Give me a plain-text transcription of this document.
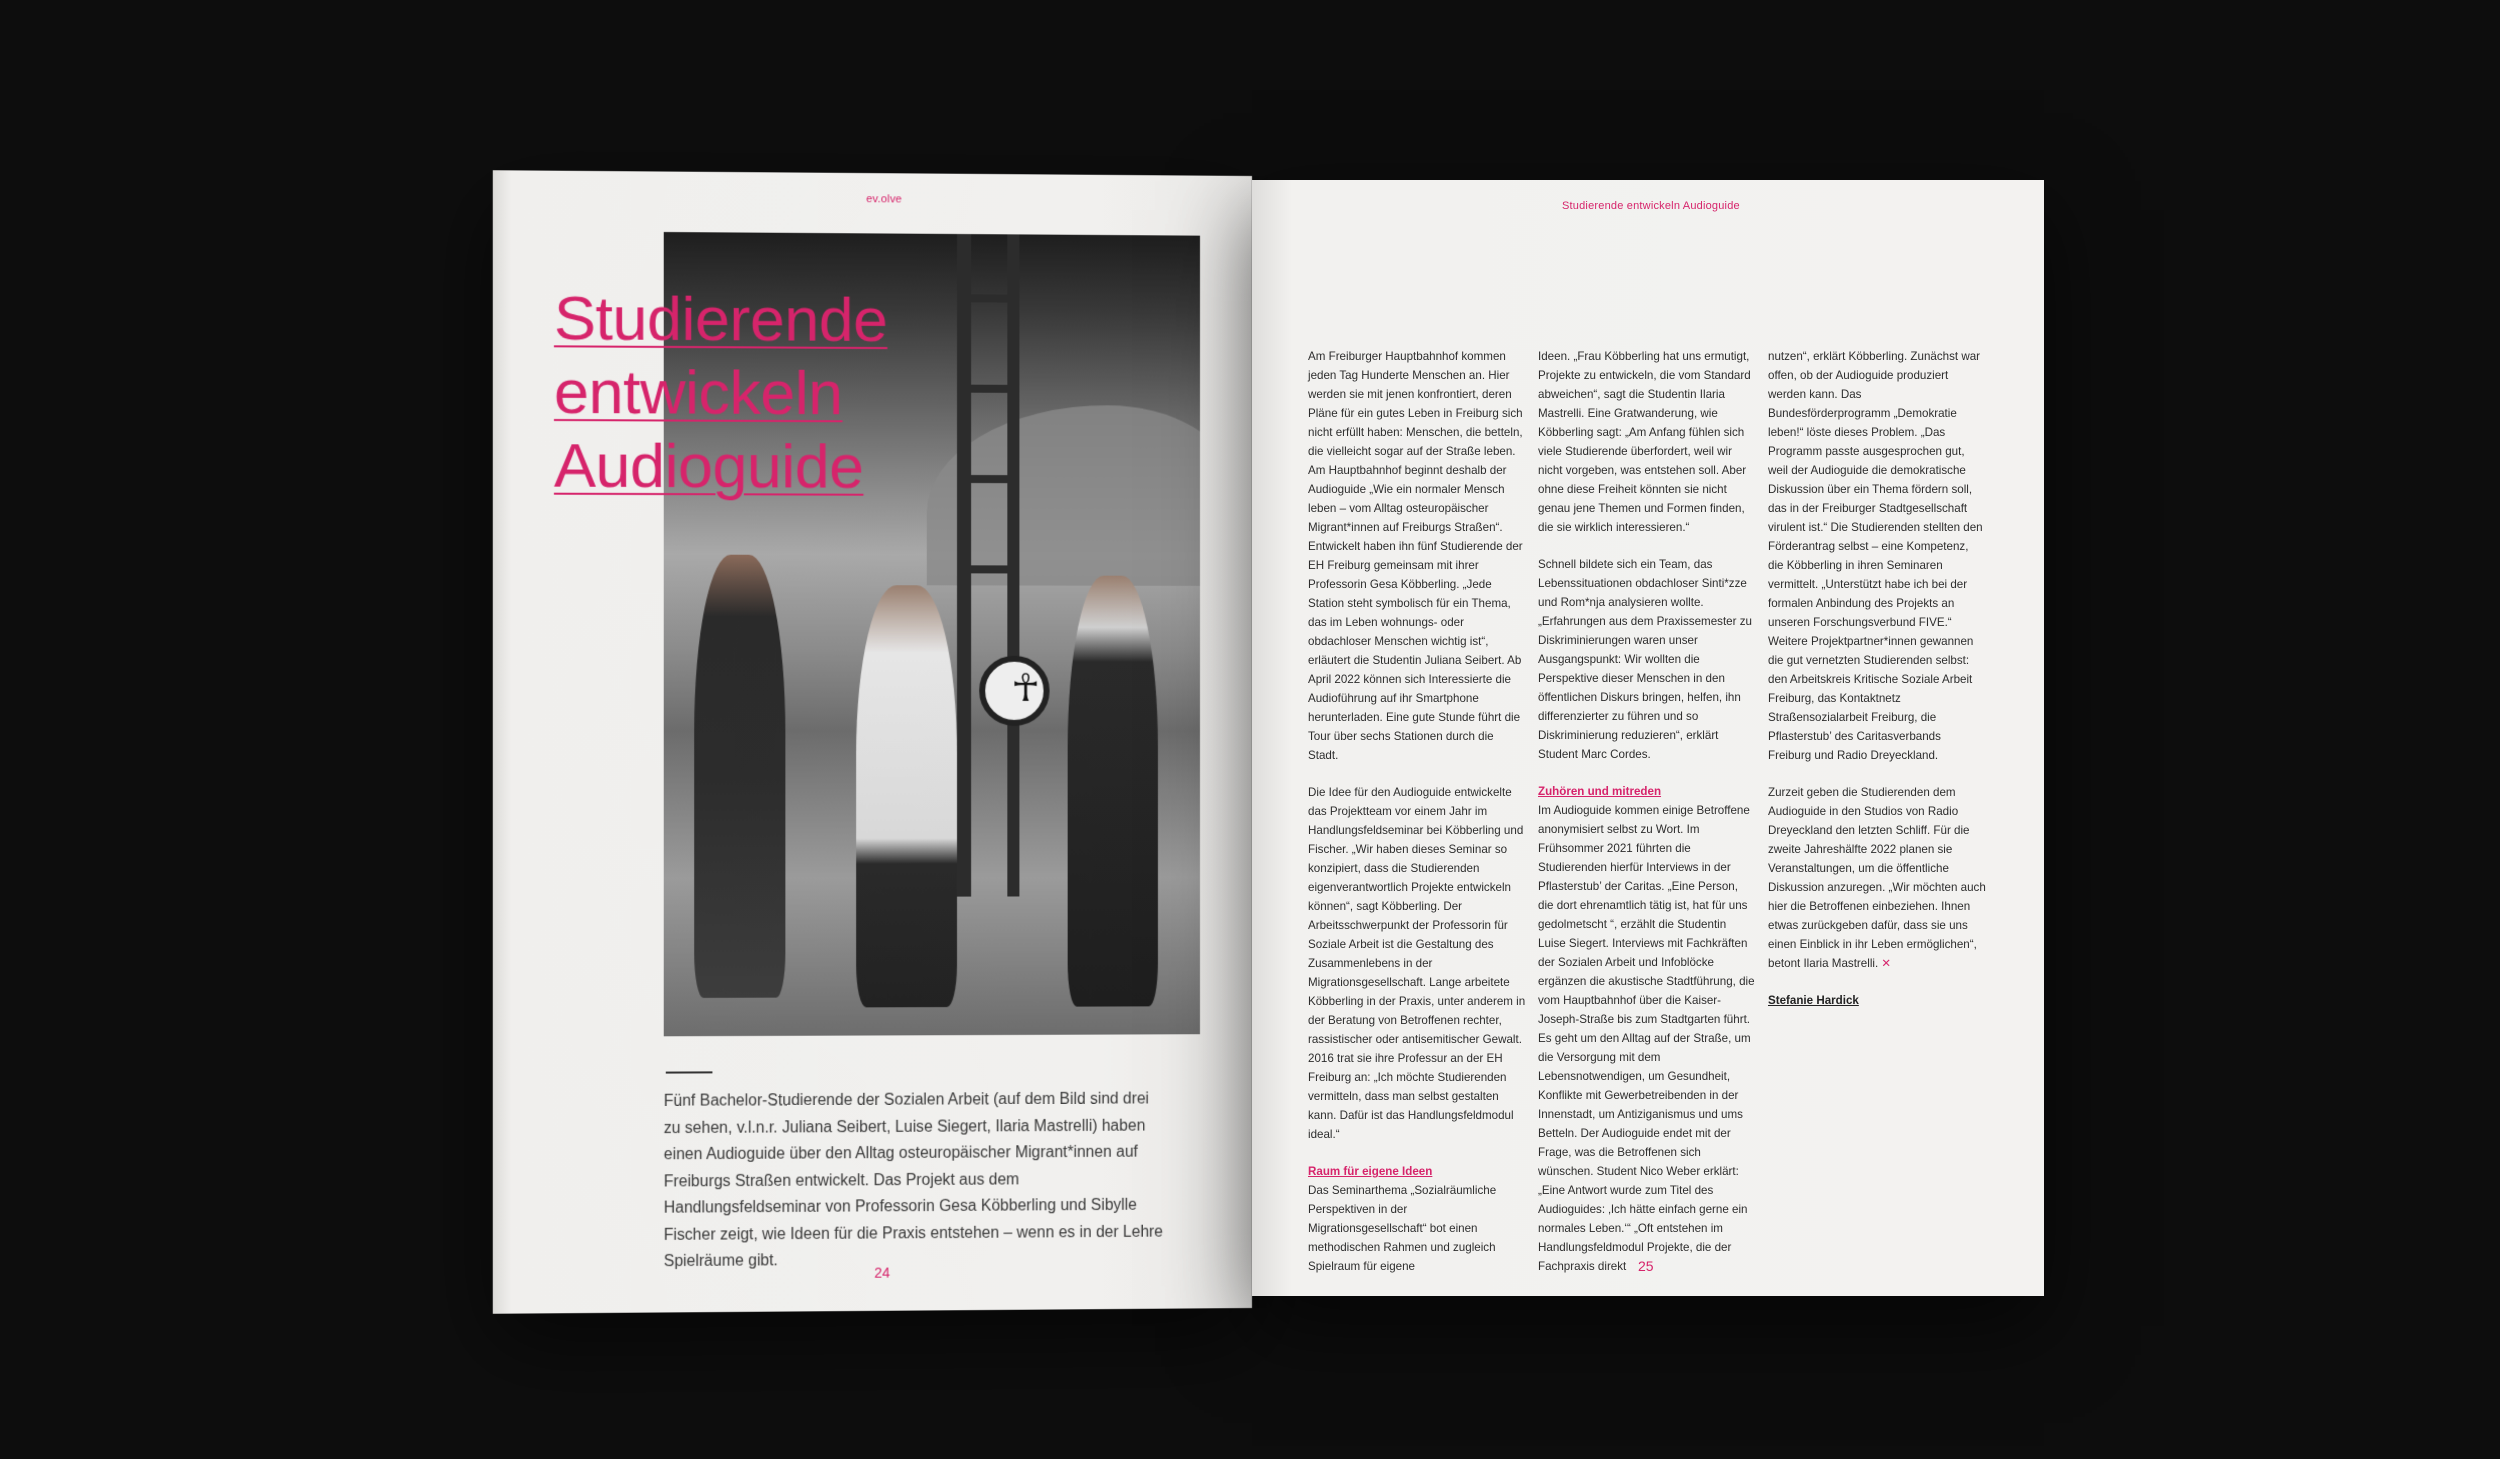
ev.olve
☥
Studierende
entwickeln
Audioguide

Fünf Bachelor-Studierende der Sozialen Arbeit (auf dem Bild sind drei zu sehen, v.l.n.r. Juliana Seibert, Luise Siegert, Ilaria Mastrelli) haben einen Audioguide über den Alltag osteuropäischer Migrant*innen auf Freiburgs Straßen entwickelt. Das Projekt aus dem Handlungsfeldseminar von Professorin Gesa Köbberling und Sibylle Fischer zeigt, wie Ideen für die Praxis entstehen – wenn es in der Lehre Spielräume gibt.

24
Studierende entwickeln Audioguide

Am Freiburger Hauptbahnhof kommen jeden Tag Hunderte Menschen an. Hier werden sie mit jenen konfrontiert, deren Pläne für ein gutes Leben in Freiburg sich nicht erfüllt haben: Menschen, die betteln, die vielleicht sogar auf der Straße leben. Am Hauptbahnhof beginnt deshalb der Audioguide „Wie ein normaler Mensch leben – vom Alltag osteuropäischer Migrant*innen auf Freiburgs Straßen“. Entwickelt haben ihn fünf Studierende der EH Freiburg gemeinsam mit ihrer Professorin Gesa Köbberling. „Jede Station steht symbolisch für ein Thema, das im Leben wohnungs- oder obdachloser Menschen wichtig ist“, erläutert die Studentin Juliana Seibert. Ab April 2022 können sich Interessierte die Audioführung auf ihr Smartphone herunterladen. Eine gute Stunde führt die Tour über sechs Stationen durch die Stadt.

Die Idee für den Audioguide entwickelte das Projektteam vor einem Jahr im Handlungsfeldseminar bei Köbberling und Fischer. „Wir haben dieses Seminar so konzipiert, dass die Studierenden eigenverantwortlich Projekte entwickeln können“, sagt Köbberling. Der Arbeitsschwerpunkt der Professorin für Soziale Arbeit ist die Gestaltung des Zusammenlebens in der Migrationsgesellschaft. Lange arbeitete Köbberling in der Praxis, unter anderem in der Beratung von Betroffenen rechter, rassistischer oder antisemitischer Gewalt. 2016 trat sie ihre Professur an der EH Freiburg an: „Ich möchte Studierenden vermitteln, dass man selbst gestalten kann. Dafür ist das Handlungsfeldmodul ideal.“

Raum für eigene Ideen
Das Seminarthema „Sozialräumliche Perspektiven in der Migrationsgesellschaft“ bot einen methodischen Rahmen und zugleich Spielraum für eigene

Ideen. „Frau Köbberling hat uns ermutigt, Projekte zu entwickeln, die vom Standard abweichen“, sagt die Studentin Ilaria Mastrelli. Eine Gratwanderung, wie Köbberling sagt: „Am Anfang fühlen sich viele Studierende überfordert, weil wir nicht vorgeben, was entstehen soll. Aber ohne diese Freiheit könnten sie nicht genau jene Themen und Formen finden, die sie wirklich interessieren.“

Schnell bildete sich ein Team, das Lebenssituationen obdachloser Sinti*zze und Rom*nja analysieren wollte. „Erfahrungen aus dem Praxissemester zu Diskriminierungen waren unser Ausgangspunkt: Wir wollten die Perspektive dieser Menschen in den öffentlichen Diskurs bringen, helfen, ihn differenzierter zu führen und so Diskriminierung reduzieren“, erklärt Student Marc Cordes.

Zuhören und mitreden
Im Audioguide kommen einige Betroffene anonymisiert selbst zu Wort. Im Frühsommer 2021 führten die Studierenden hierfür Interviews in der Pflasterstub’ der Caritas. „Eine Person, die dort ehrenamtlich tätig ist, hat für uns gedolmetscht “, erzählt die Studentin Luise Siegert. Interviews mit Fachkräften der Sozialen Arbeit und Infoblöcke ergänzen die akustische Stadtführung, die vom Hauptbahnhof über die Kaiser-Joseph-Straße bis zum Stadtgarten führt. Es geht um den Alltag auf der Straße, um die Versorgung mit dem Lebensnotwendigen, um Gesundheit, Konflikte mit Gewerbetreibenden in der Innenstadt, um Antiziganismus und ums Betteln. Der Audioguide endet mit der Frage, was die Betroffenen sich wünschen. Student Nico Weber erklärt: „Eine Antwort wurde zum Titel des Audioguides: ‚Ich hätte einfach gerne ein normales Leben.‘“ „Oft entstehen im Handlungsfeldmodul Projekte, die der Fachpraxis direkt

nutzen“, erklärt Köbberling. Zunächst war offen, ob der Audioguide produziert werden kann. Das Bundesförderprogramm „Demokratie leben!“ löste dieses Problem. „Das Programm passte ausgesprochen gut, weil der Audioguide die demokratische Diskussion über ein Thema fördern soll, das in der Freiburger Stadtgesellschaft virulent ist.“ Die Studierenden stellten den Förderantrag selbst – eine Kompetenz, die Köbberling in ihren Seminaren vermittelt. „Unterstützt habe ich bei der formalen Anbindung des Projekts an unseren Forschungsverbund FIVE.“ Weitere Projektpartner*innen gewannen die gut vernetzten Studierenden selbst: den Arbeitskreis Kritische Soziale Arbeit Freiburg, das Kontaktnetz Straßensozialarbeit Freiburg, die Pflasterstub’ des Caritasverbands Freiburg und Radio Dreyeckland.

Zurzeit geben die Studierenden dem Audioguide in den Studios von Radio Dreyeckland den letzten Schliff. Für die zweite Jahreshälfte 2022 planen sie Veranstaltungen, um die öffentliche Diskussion anzuregen. „Wir möchten auch hier die Betroffenen einbeziehen. Ihnen etwas zurückgeben dafür, dass sie uns einen Einblick in ihr Leben ermöglichen“, betont Ilaria Mastrelli. ✕

Stefanie Hardick

25
